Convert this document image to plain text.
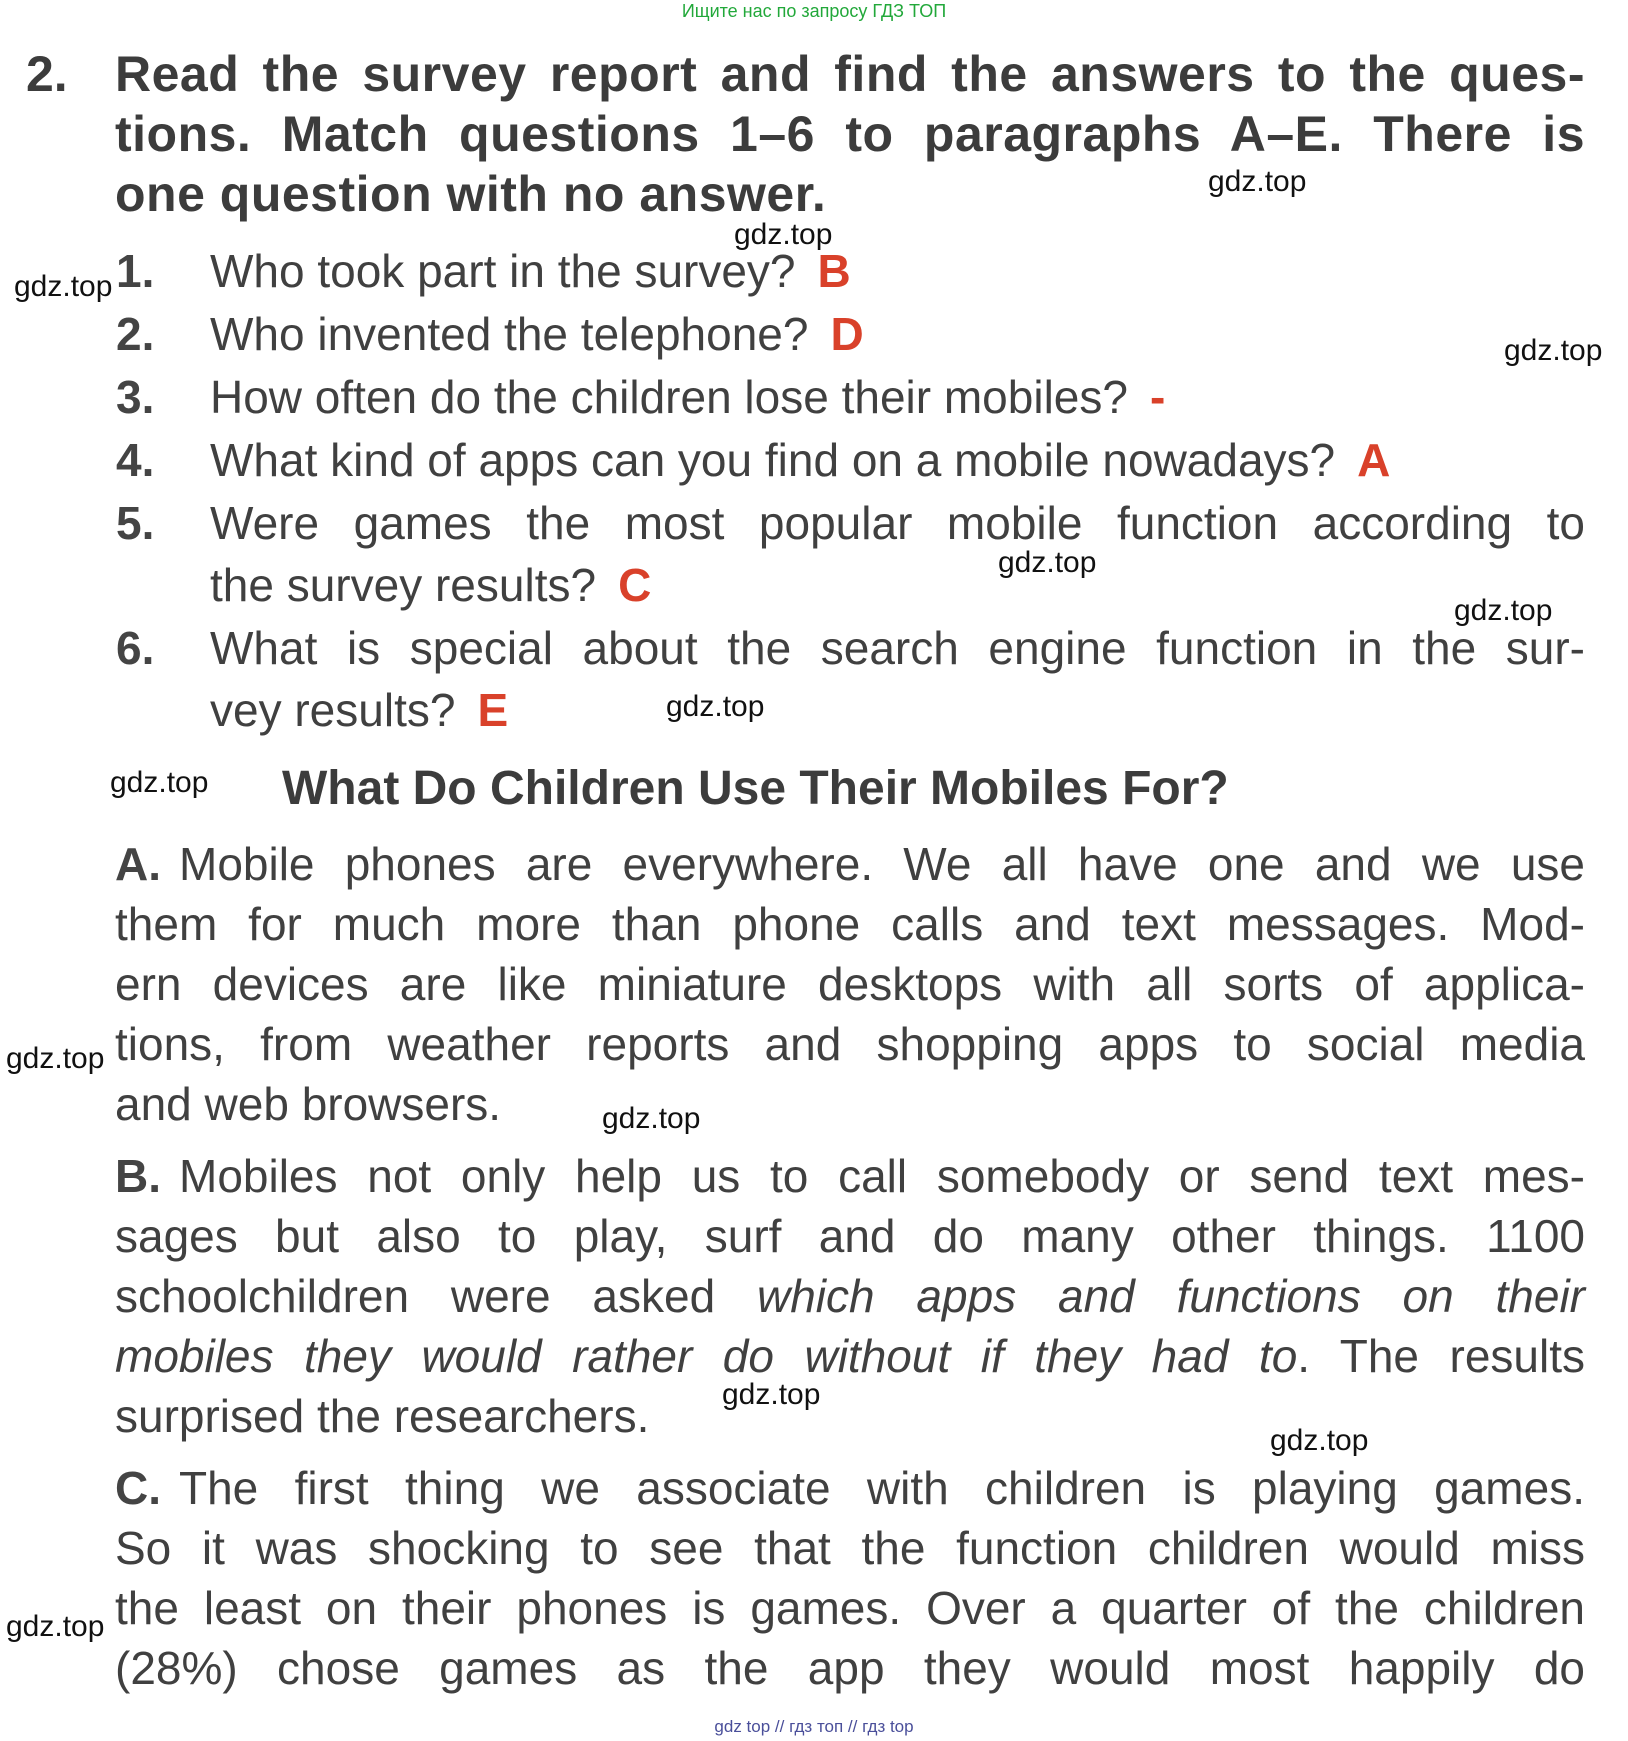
Ищите нас по запросу ГДЗ ТОП
2. Read the survey report and find the answers to the ques-
tions. Match questions 1–6 to paragraphs A–E. There is
one question with no answer.
1. Who took part in the survey? B
2. Who invented the telephone? D
3. How often do the children lose their mobiles? -
4. What kind of apps can you find on a mobile nowadays? A
5. Were games the most popular mobile function according to
the survey results? C
6. What is special about the search engine function in the sur-
vey results? E
What Do Children Use Their Mobiles For?
A. Mobile phones are everywhere. We all have one and we use
them for much more than phone calls and text messages. Mod-
ern devices are like miniature desktops with all sorts of applica-
tions, from weather reports and shopping apps to social media
and web browsers.
B. Mobiles not only help us to call somebody or send text mes-
sages but also to play, surf and do many other things. 1100
schoolchildren were asked which apps and functions on their
mobiles they would rather do without if they had to. The results
surprised the researchers.
C. The first thing we associate with children is playing games.
So it was shocking to see that the function children would miss
the least on their phones is games. Over a quarter of the children
(28%) chose games as the app they would most happily do
gdz.top
gdz.top
gdz.top
gdz.top
gdz.top
gdz.top
gdz.top
gdz.top
gdz.top
gdz.top
gdz.top
gdz.top
gdz.top
gdz top // гдз топ // гдз top
